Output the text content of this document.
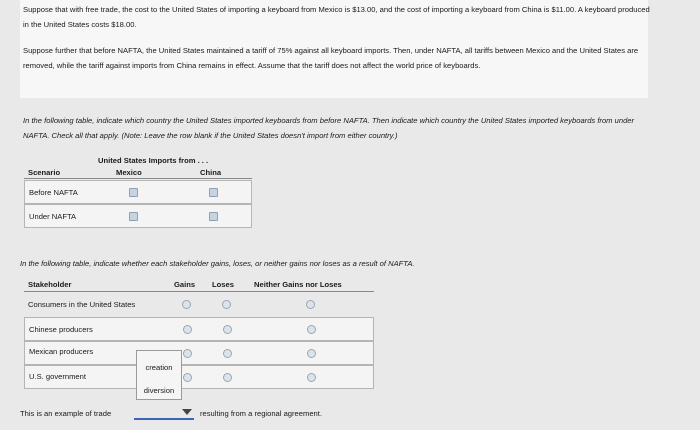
Suppose that with free trade, the cost to the United States of importing a keyboard from Mexico is $13.00, and the cost of importing a keyboard from China is $11.00. A keyboard produced in the United States costs $18.00.
Suppose further that before NAFTA, the United States maintained a tariff of 75% against all keyboard imports. Then, under NAFTA, all tariffs between Mexico and the United States are removed, while the tariff against imports from China remains in effect. Assume that the tariff does not affect the world price of keyboards.
In the following table, indicate which country the United States imported keyboards from before NAFTA. Then indicate which country the United States imported keyboards from under NAFTA. Check all that apply. (Note: Leave the row blank if the United States doesn't import from either country.)
United States Imports from . . .
Scenario	Mexico	China
Before NAFTA
Under NAFTA
In the following table, indicate whether each stakeholder gains, loses, or neither gains nor loses as a result of NAFTA.
Stakeholder	Gains Loses	Neither Gains nor Loses
Consumers in the United States
Chinese producers
Mexican producers
U.S. government
creation
diversion
This is an example of trade	resulting from a regional agreement.
